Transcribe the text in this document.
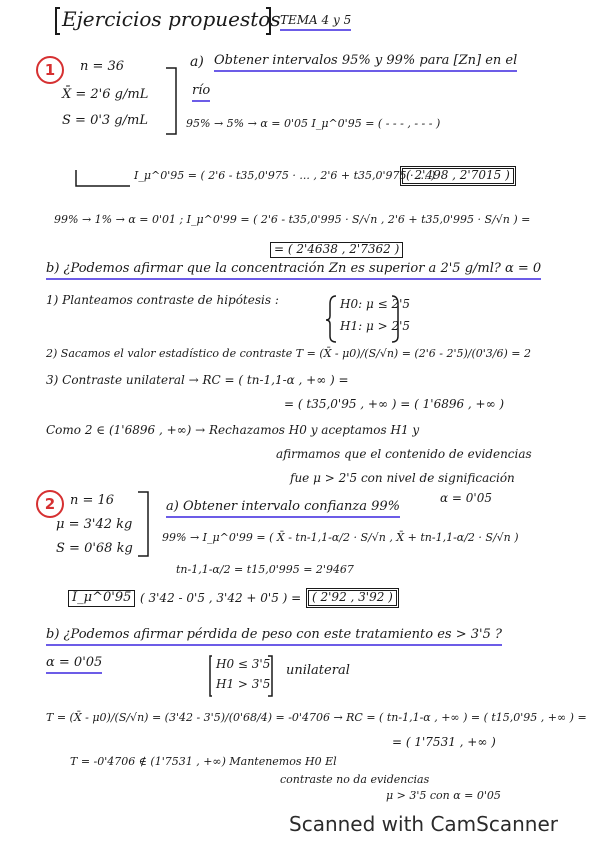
Ejercicios propuestos TEMA 4 y 5
1	n = 36
X̄ = 2'6 g/mL
S = 0'3 g/mL
a) Obtener intervalos 95% y 99% para [Zn] en el
río
95% → 5% → α = 0'05 I_μ^0'95 = ( - - - , - - - )
I_μ^0'95 = ( 2'6 - t35,0'975 · ... , 2'6 + t35,0'975 · ... )
( 2'498 , 2'7015 )
99% → 1% → α = 0'01 ; I_μ^0'99 = ( 2'6 - t35,0'995 · S/√n , 2'6 + t35,0'995 · S/√n ) =
= ( 2'4638 , 2'7362 )
b) ¿Podemos afirmar que la concentración Zn es superior a 2'5 g/ml? α = 0
1) Planteamos contraste de hipótesis :	H0: μ ≤ 2'5
H1: μ > 2'5
2) Sacamos el valor estadístico de contraste T = (X̄ - μ0)/(S/√n) = (2'6 - 2'5)/(0'3/6) = 2
3) Contraste unilateral → RC = ( tn-1,1-α , +∞ ) =
= ( t35,0'95 , +∞ ) = ( 1'6896 , +∞ )
Como 2 ∈ (1'6896 , +∞) → Rechazamos H0 y aceptamos H1 y
afirmamos que el contenido de evidencias
fue μ > 2'5 con nivel de significación
α = 0'05
2	n = 16
μ = 3'42 kg
S = 0'68 kg
a) Obtener intervalo confianza 99%
99% → I_μ^0'99 = ( X̄ - tn-1,1-α/2 · S/√n , X̄ + tn-1,1-α/2 · S/√n )
tn-1,1-α/2 = t15,0'995 = 2'9467
I_μ^0'95 ( 3'42 - 0'5 , 3'42 + 0'5 ) = ( 2'92 , 3'92 )
b) ¿Podemos afirmar pérdida de peso con este tratamiento es > 3'5 ?
α = 0'05	H0 ≤ 3'5
H1 > 3'5
unilateral
T = (X̄ - μ0)/(S/√n) = (3'42 - 3'5)/(0'68/4) = -0'4706 → RC = ( tn-1,1-α , +∞ ) = ( t15,0'95 , +∞ ) =
= ( 1'7531 , +∞ )
T = -0'4706 ∉ (1'7531 , +∞) Mantenemos H0 El
contraste no da evidencias
μ > 3'5 con α = 0'05
Scanned with CamScanner
